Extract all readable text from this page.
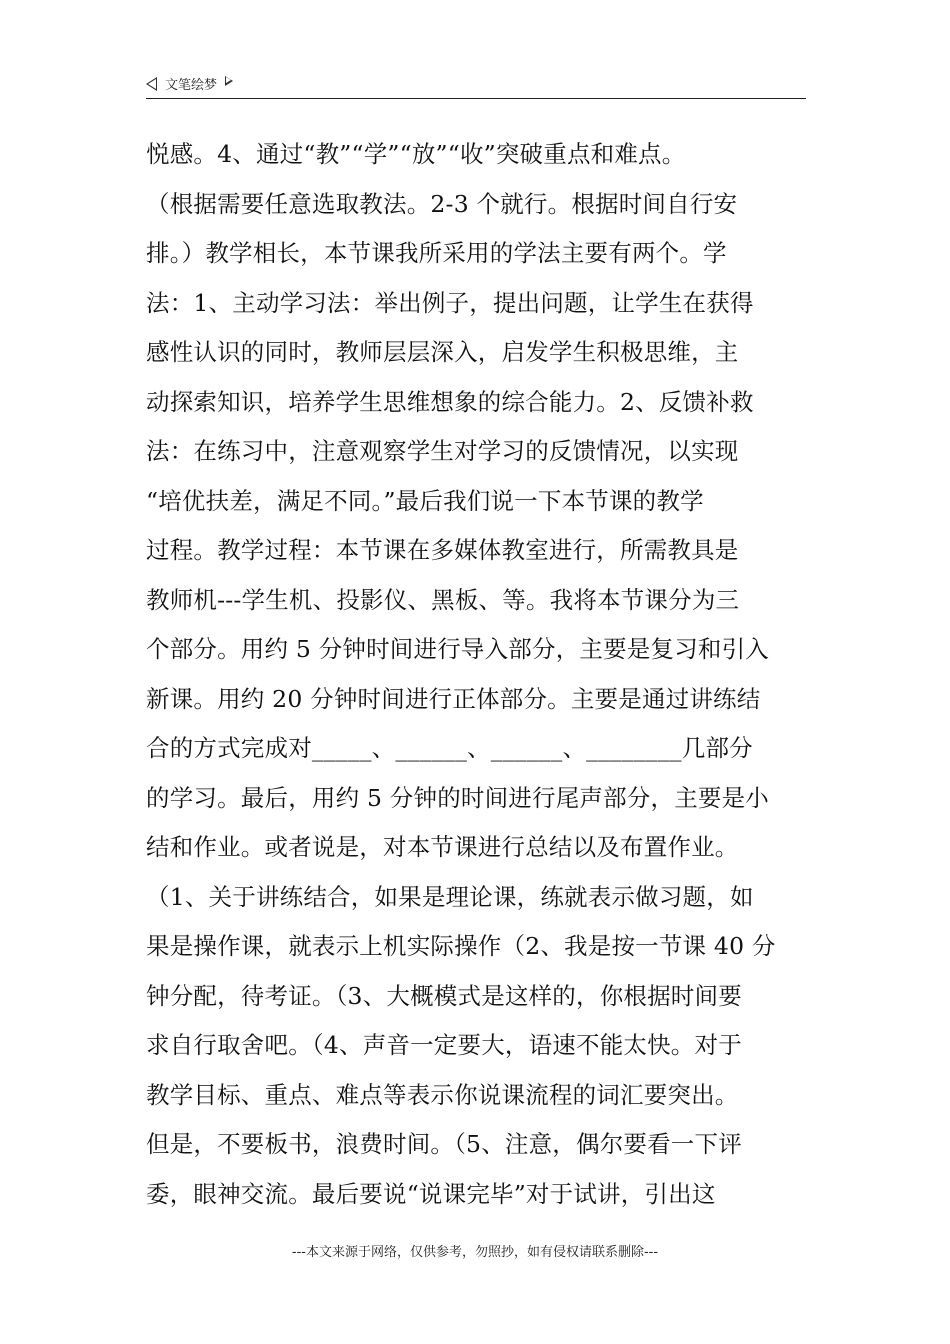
文笔绘梦
悦感。4、通过“教”“学”“放”“收”突破重点和难点。
（根据需要任意选取教法。2-3 个就行。根据时间自行安
排。）教学相长，本节课我所采用的学法主要有两个。学
法：1、主动学习法：举出例子，提出问题，让学生在获得
感性认识的同时，教师层层深入，启发学生积极思维，主
动探索知识，培养学生思维想象的综合能力。2、反馈补救
法：在练习中，注意观察学生对学习的反馈情况，以实现
“培优扶差，满足不同。”最后我们说一下本节课的教学
过程。教学过程：本节课在多媒体教室进行，所需教具是
教师机---学生机、投影仪、黑板、等。我将本节课分为三
个部分。用约 5 分钟时间进行导入部分，主要是复习和引入
新课。用约 20 分钟时间进行正体部分。主要是通过讲练结
合的方式完成对_____、______、______、________几部分
的学习。最后，用约 5 分钟的时间进行尾声部分，主要是小
结和作业。或者说是，对本节课进行总结以及布置作业。
（1、关于讲练结合，如果是理论课，练就表示做习题，如
果是操作课，就表示上机实际操作（2、我是按一节课 40 分
钟分配，待考证。（3、大概模式是这样的，你根据时间要
求自行取舍吧。（4、声音一定要大，语速不能太快。对于
教学目标、重点、难点等表示你说课流程的词汇要突出。
但是，不要板书，浪费时间。（5、注意，偶尔要看一下评
委，眼神交流。最后要说“说课完毕”对于试讲，引出这
---本文来源于网络，仅供参考，勿照抄，如有侵权请联系删除---
